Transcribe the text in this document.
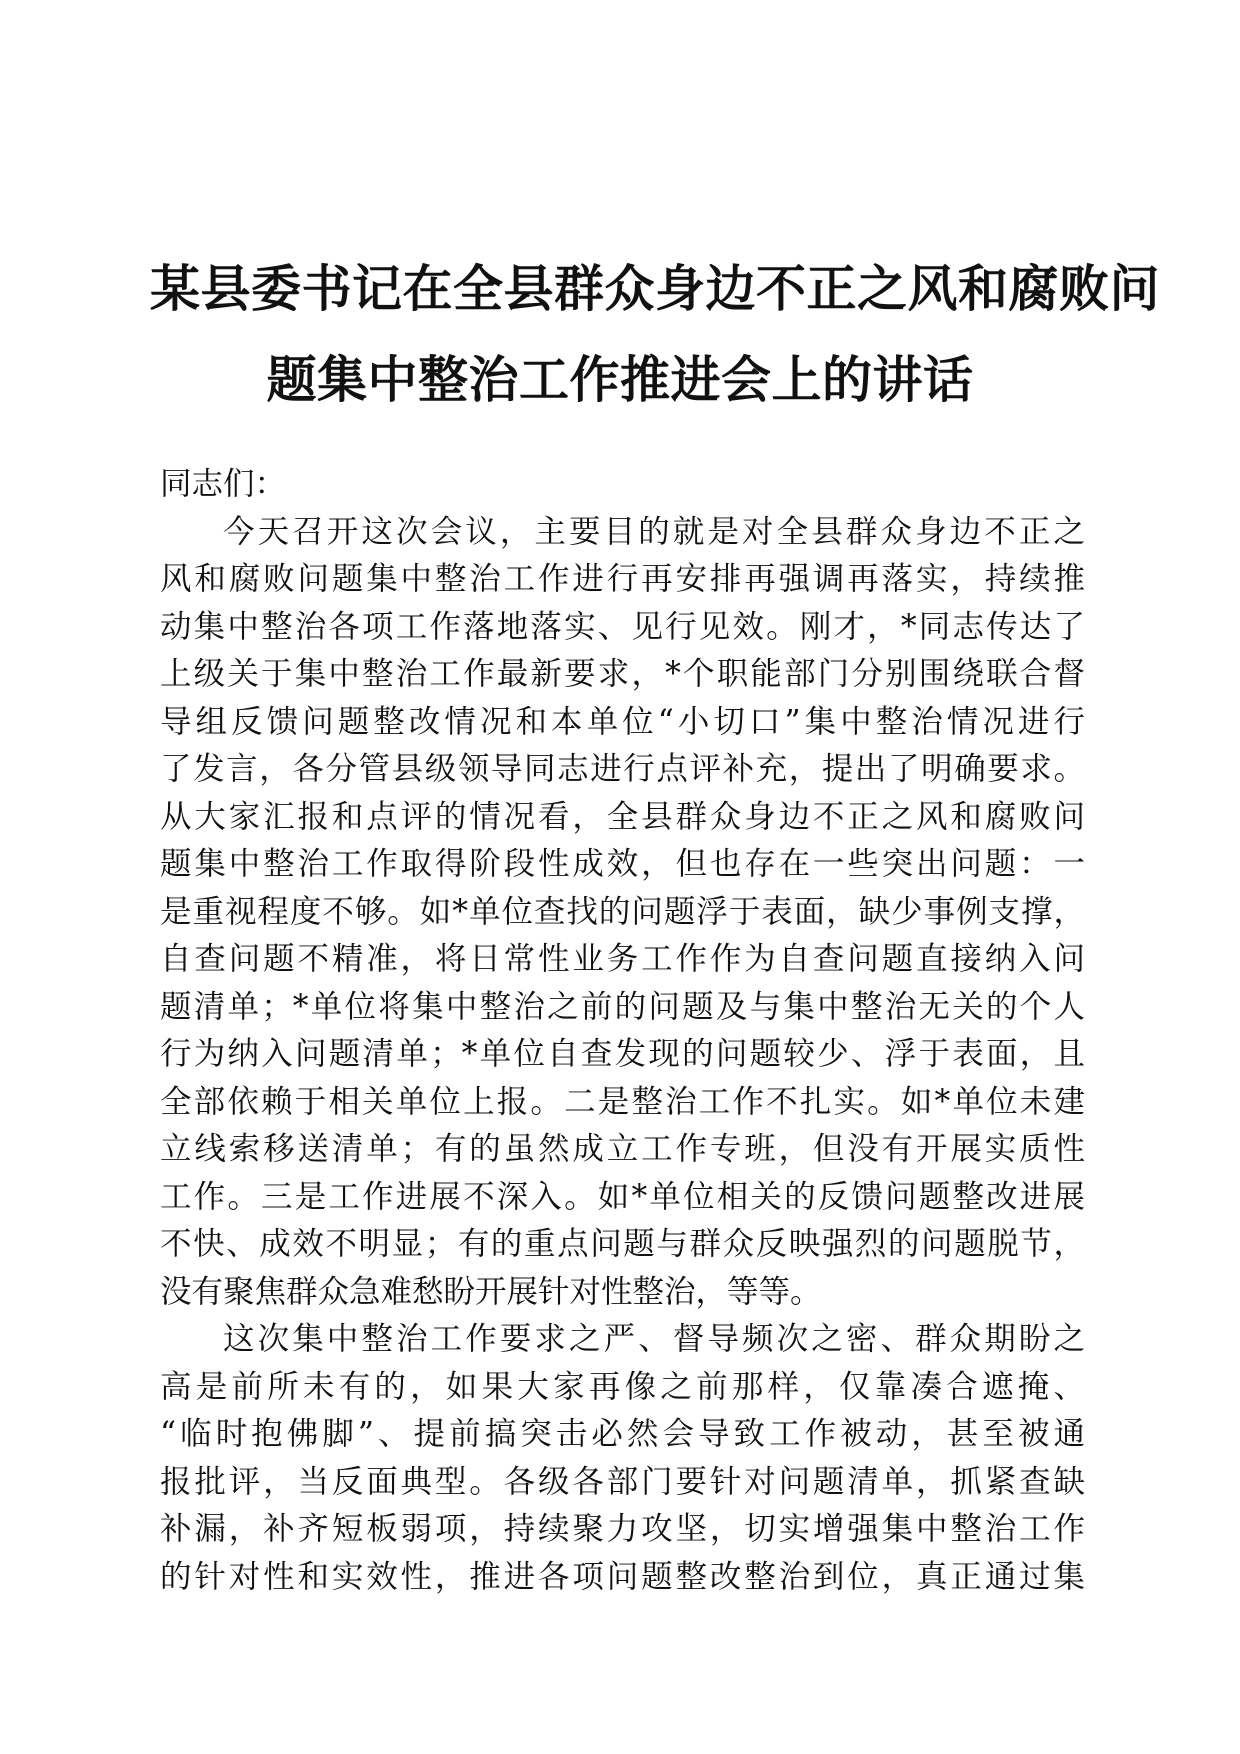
某县委书记在全县群众身边不正之风和腐败问
题集中整治工作推进会上的讲话
同志们：
今天召开这次会议，主要目的就是对全县群众身边不正之
风和腐败问题集中整治工作进行再安排再强调再落实，持续推
动集中整治各项工作落地落实、见行见效。刚才，*同志传达了
上级关于集中整治工作最新要求，*个职能部门分别围绕联合督
导组反馈问题整改情况和本单位“小切口”集中整治情况进行
了发言，各分管县级领导同志进行点评补充，提出了明确要求。
从大家汇报和点评的情况看，全县群众身边不正之风和腐败问
题集中整治工作取得阶段性成效，但也存在一些突出问题：一
是重视程度不够。如*单位查找的问题浮于表面，缺少事例支撑，
自查问题不精准，将日常性业务工作作为自查问题直接纳入问
题清单；*单位将集中整治之前的问题及与集中整治无关的个人
行为纳入问题清单；*单位自查发现的问题较少、浮于表面，且
全部依赖于相关单位上报。二是整治工作不扎实。如*单位未建
立线索移送清单；有的虽然成立工作专班，但没有开展实质性
工作。三是工作进展不深入。如*单位相关的反馈问题整改进展
不快、成效不明显；有的重点问题与群众反映强烈的问题脱节，
没有聚焦群众急难愁盼开展针对性整治，等等。
这次集中整治工作要求之严、督导频次之密、群众期盼之
高是前所未有的，如果大家再像之前那样，仅靠凑合遮掩、
“临时抱佛脚”、提前搞突击必然会导致工作被动，甚至被通
报批评，当反面典型。各级各部门要针对问题清单，抓紧查缺
补漏，补齐短板弱项，持续聚力攻坚，切实增强集中整治工作
的针对性和实效性，推进各项问题整改整治到位，真正通过集
